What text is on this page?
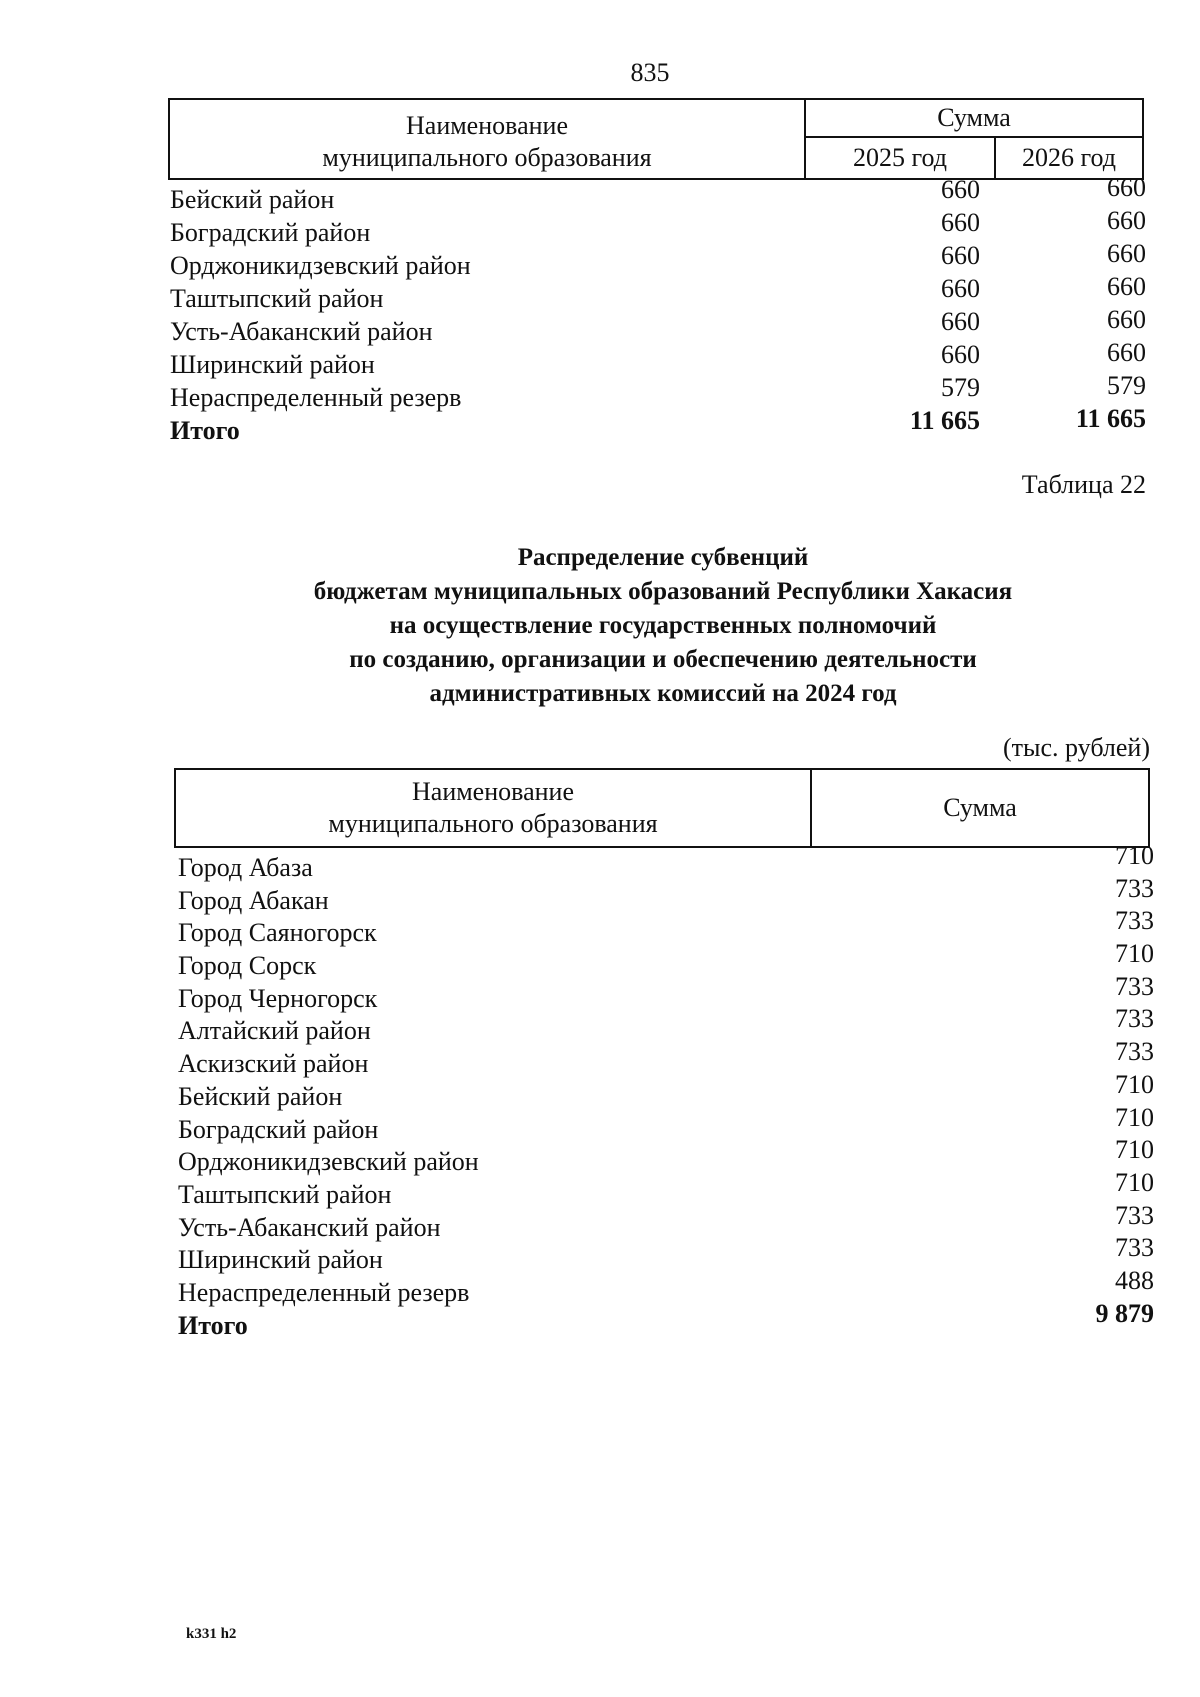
835
Наименование
муниципального образования
Сумма
2025 год	2026 год
Бейский район	660	660
Боградский район	660	660
Орджоникидзевский район	660	660
Таштыпский район	660	660
Усть-Абаканский район	660	660
Ширинский район	660	660
Нераспределенный резерв	579	579
Итого	11 665	11 665
Таблица 22
Распределение субвенций
бюджетам муниципальных образований Республики Хакасия
на осуществление государственных полномочий
по созданию, организации и обеспечению деятельности
административных комиссий на 2024 год
(тыс. рублей)
Наименование
муниципального образования
Сумма
Город Абаза	710
Город Абакан	733
Город Саяногорск	733
Город Сорск	710
Город Черногорск	733
Алтайский район	733
Аскизский район	733
Бейский район	710
Боградский район	710
Орджоникидзевский район	710
Таштыпский район	710
Усть-Абаканский район	733
Ширинский район	733
Нераспределенный резерв	488
Итого	9 879
k331 h2
